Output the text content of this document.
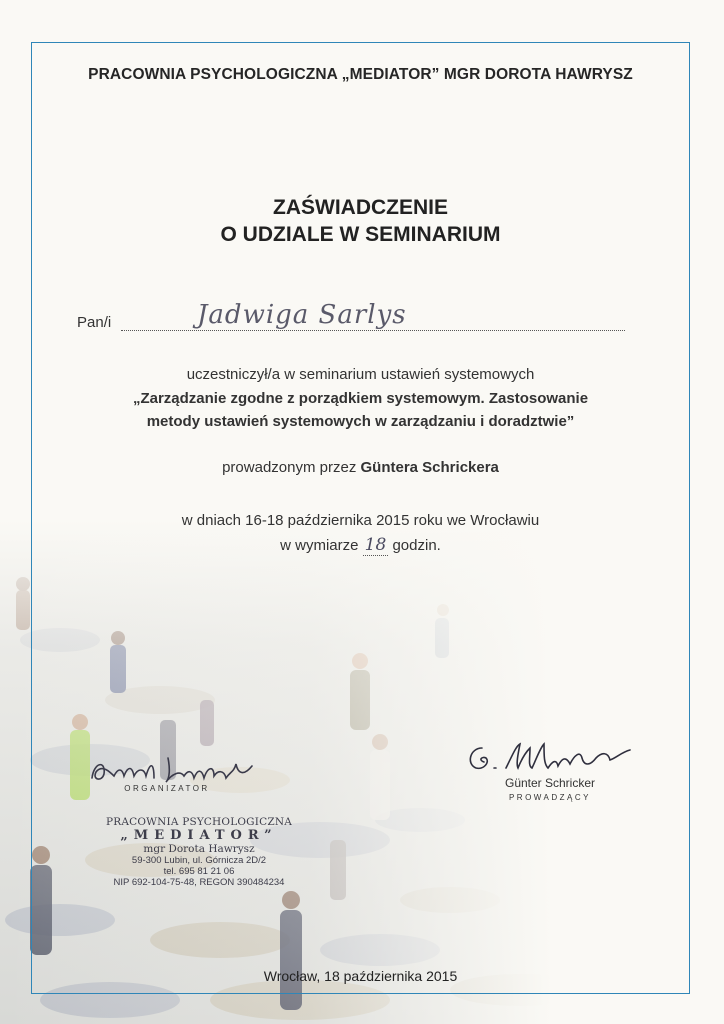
PRACOWNIA PSYCHOLOGICZNA „MEDIATOR” MGR DOROTA HAWRYSZ
ZAŚWIADCZENIE
O UDZIALE W SEMINARIUM
Pan/i	Jadwiga Sarlys
uczestniczył/a w seminarium ustawień systemowych
„Zarządzanie zgodne z porządkiem systemowym. Zastosowanie
metody ustawień systemowych w zarządzaniu i doradztwie”
prowadzonym przez Güntera Schrickera
w dniach 16-18 października 2015 roku we Wrocławiu
w wymiarze 18 godzin.
ORGANIZATOR	Günter Schricker
PROWADZĄCY
PRACOWNIA PSYCHOLOGICZNA
„MEDIATOR”
mgr Dorota Hawrysz
59-300 Lubin, ul. Górnicza 2D/2
tel. 695 81 21 06
NIP 692-104-75-48, REGON 390484234
Wrocław, 18 października 2015
